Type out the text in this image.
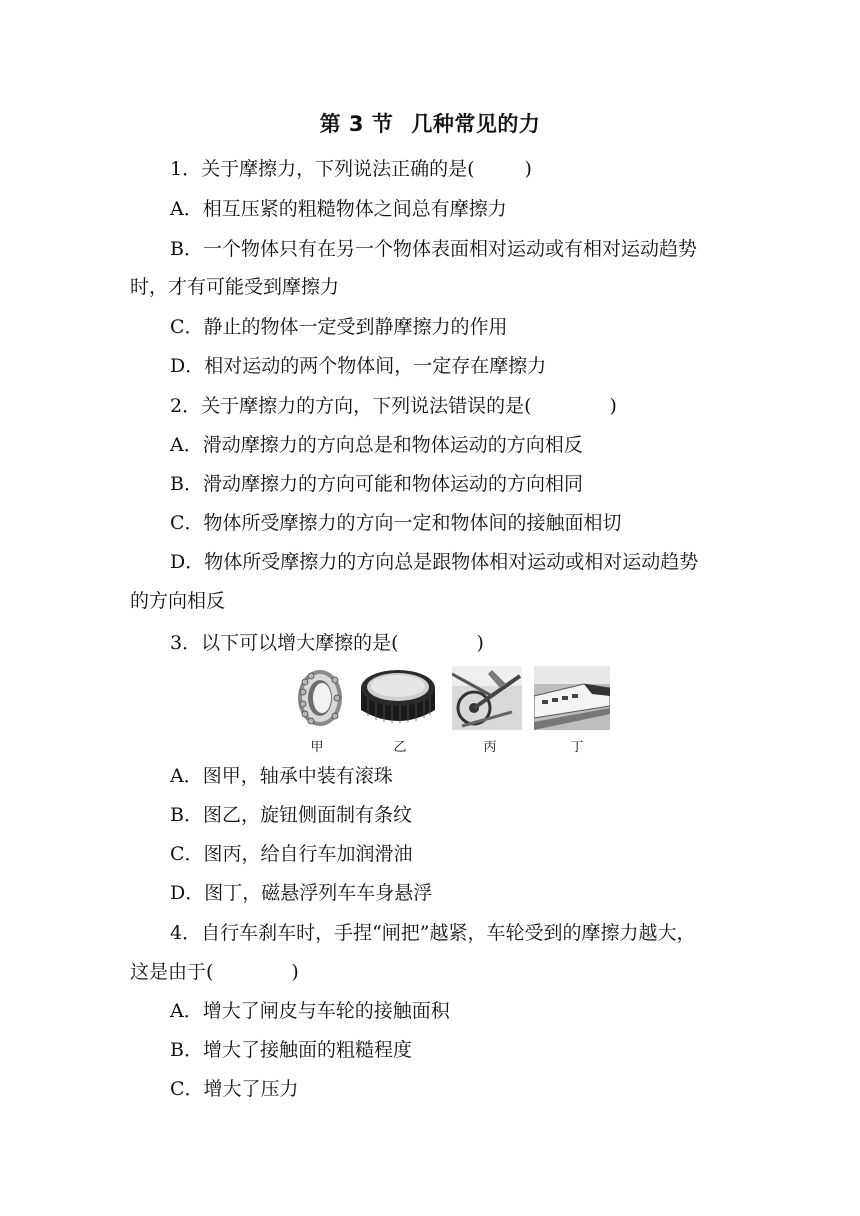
第 3 节 几种常见的力
1．关于摩擦力，下列说法正确的是(	)
A．相互压紧的粗糙物体之间总有摩擦力
B．一个物体只有在另一个物体表面相对运动或有相对运动趋势
时，才有可能受到摩擦力
C．静止的物体一定受到静摩擦力的作用
D．相对运动的两个物体间，一定存在摩擦力
2．关于摩擦力的方向，下列说法错误的是(	)
A．滑动摩擦力的方向总是和物体运动的方向相反
B．滑动摩擦力的方向可能和物体运动的方向相同
C．物体所受摩擦力的方向一定和物体间的接触面相切
D．物体所受摩擦力的方向总是跟物体相对运动或相对运动趋势
的方向相反
3．以下可以增大摩擦的是(	)
甲	乙	丙	丁
A．图甲，轴承中装有滚珠
B．图乙，旋钮侧面制有条纹
C．图丙，给自行车加润滑油
D．图丁，磁悬浮列车车身悬浮
4．自行车刹车时，手捏“闸把”越紧，车轮受到的摩擦力越大，
这是由于(	)
A．增大了闸皮与车轮的接触面积
B．增大了接触面的粗糙程度
C．增大了压力
